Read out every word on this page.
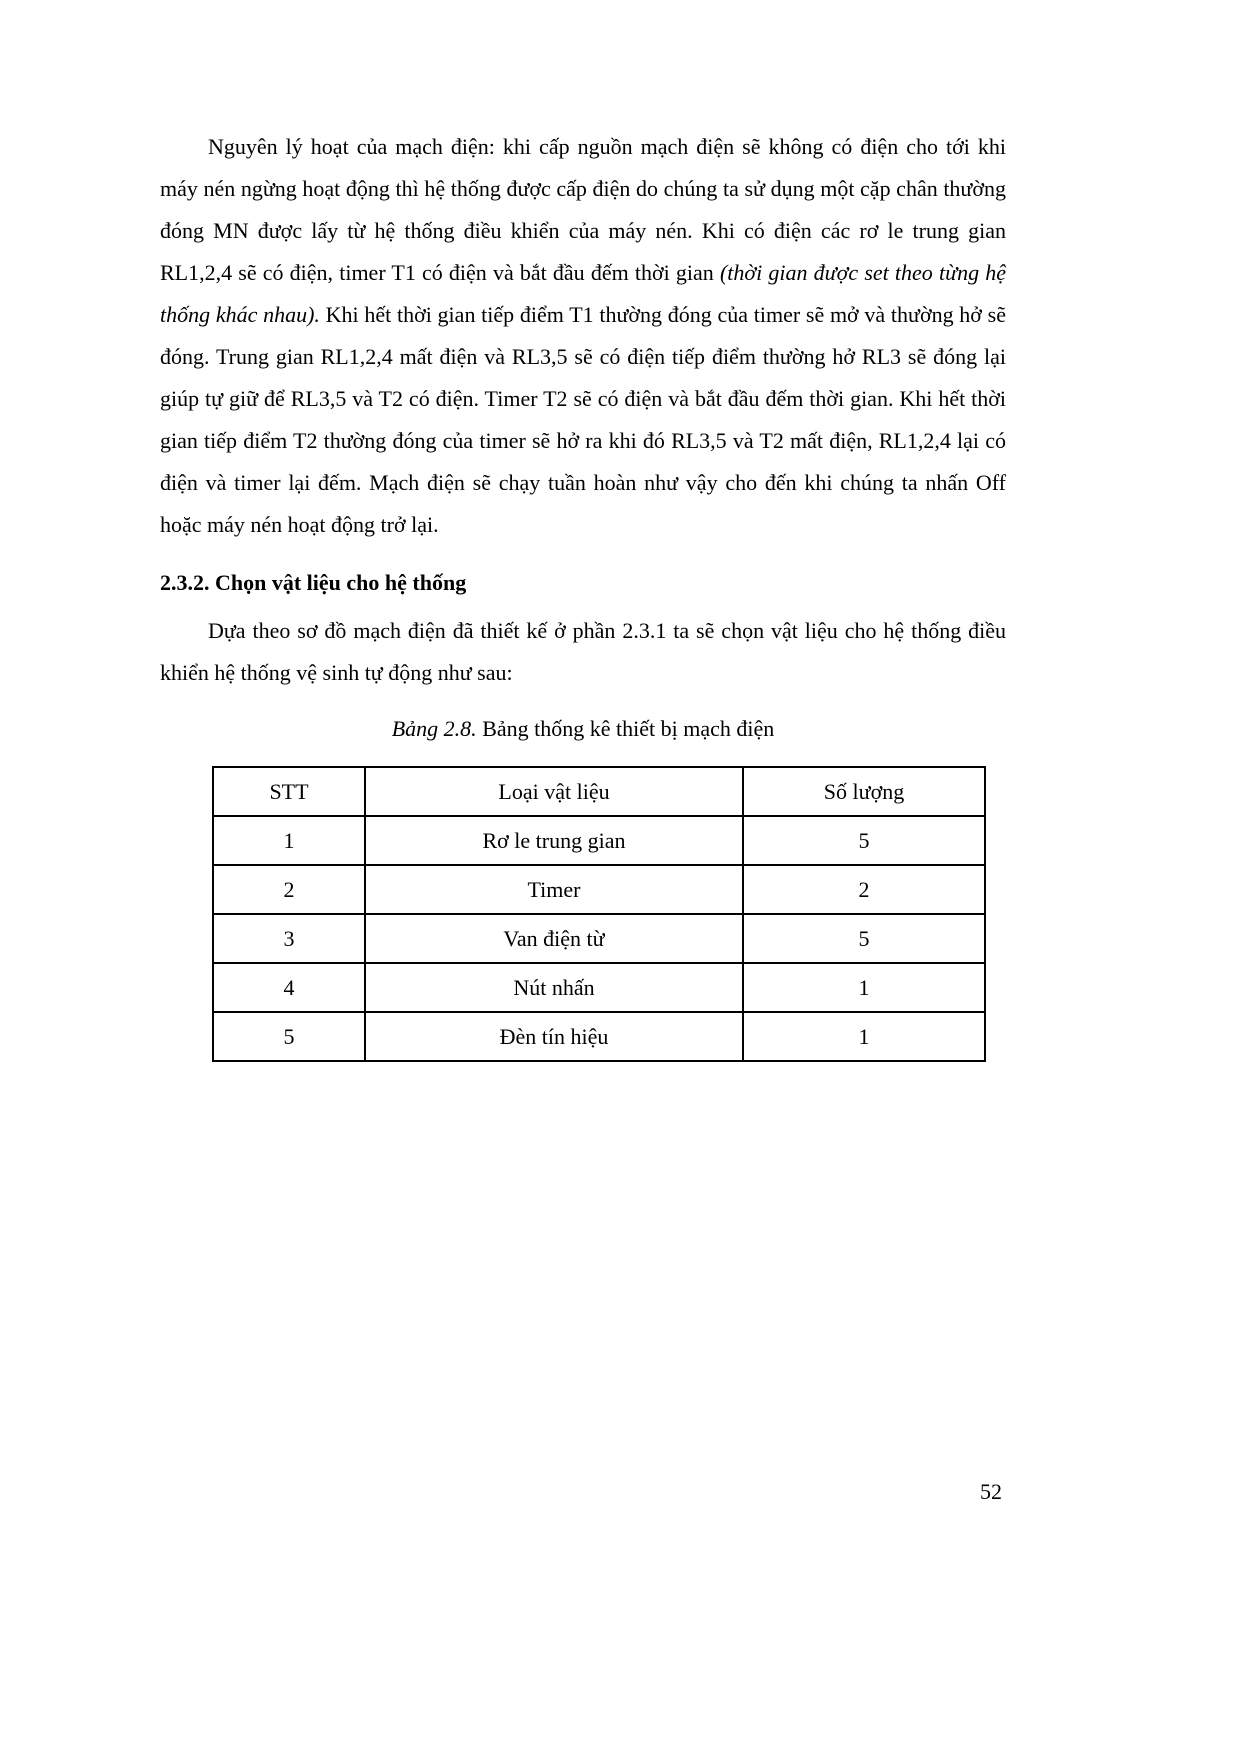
Nguyên lý hoạt của mạch điện: khi cấp nguồn mạch điện sẽ không có điện cho tới khi máy nén ngừng hoạt động thì hệ thống được cấp điện do chúng ta sử dụng một cặp chân thường đóng MN được lấy từ hệ thống điều khiển của máy nén. Khi có điện các rơ le trung gian RL1,2,4 sẽ có điện, timer T1 có điện và bắt đầu đếm thời gian (thời gian được set theo từng hệ thống khác nhau). Khi hết thời gian tiếp điểm T1 thường đóng của timer sẽ mở và thường hở sẽ đóng. Trung gian RL1,2,4 mất điện và RL3,5 sẽ có điện tiếp điểm thường hở RL3 sẽ đóng lại giúp tự giữ để RL3,5 và T2 có điện. Timer T2 sẽ có điện và bắt đầu đếm thời gian. Khi hết thời gian tiếp điểm T2 thường đóng của timer sẽ hở ra khi đó RL3,5 và T2 mất điện, RL1,2,4 lại có điện và timer lại đếm. Mạch điện sẽ chạy tuần hoàn như vậy cho đến khi chúng ta nhấn Off hoặc máy nén hoạt động trở lại.

2.3.2. Chọn vật liệu cho hệ thống

Dựa theo sơ đồ mạch điện đã thiết kế ở phần 2.3.1 ta sẽ chọn vật liệu cho hệ thống điều khiển hệ thống vệ sinh tự động như sau:

Bảng 2.8. Bảng thống kê thiết bị mạch điện

STT	Loại vật liệu	Số lượng
1	Rơ le trung gian	5
2	Timer	2
3	Van điện từ	5
4	Nút nhấn	1
5	Đèn tín hiệu	1
52
